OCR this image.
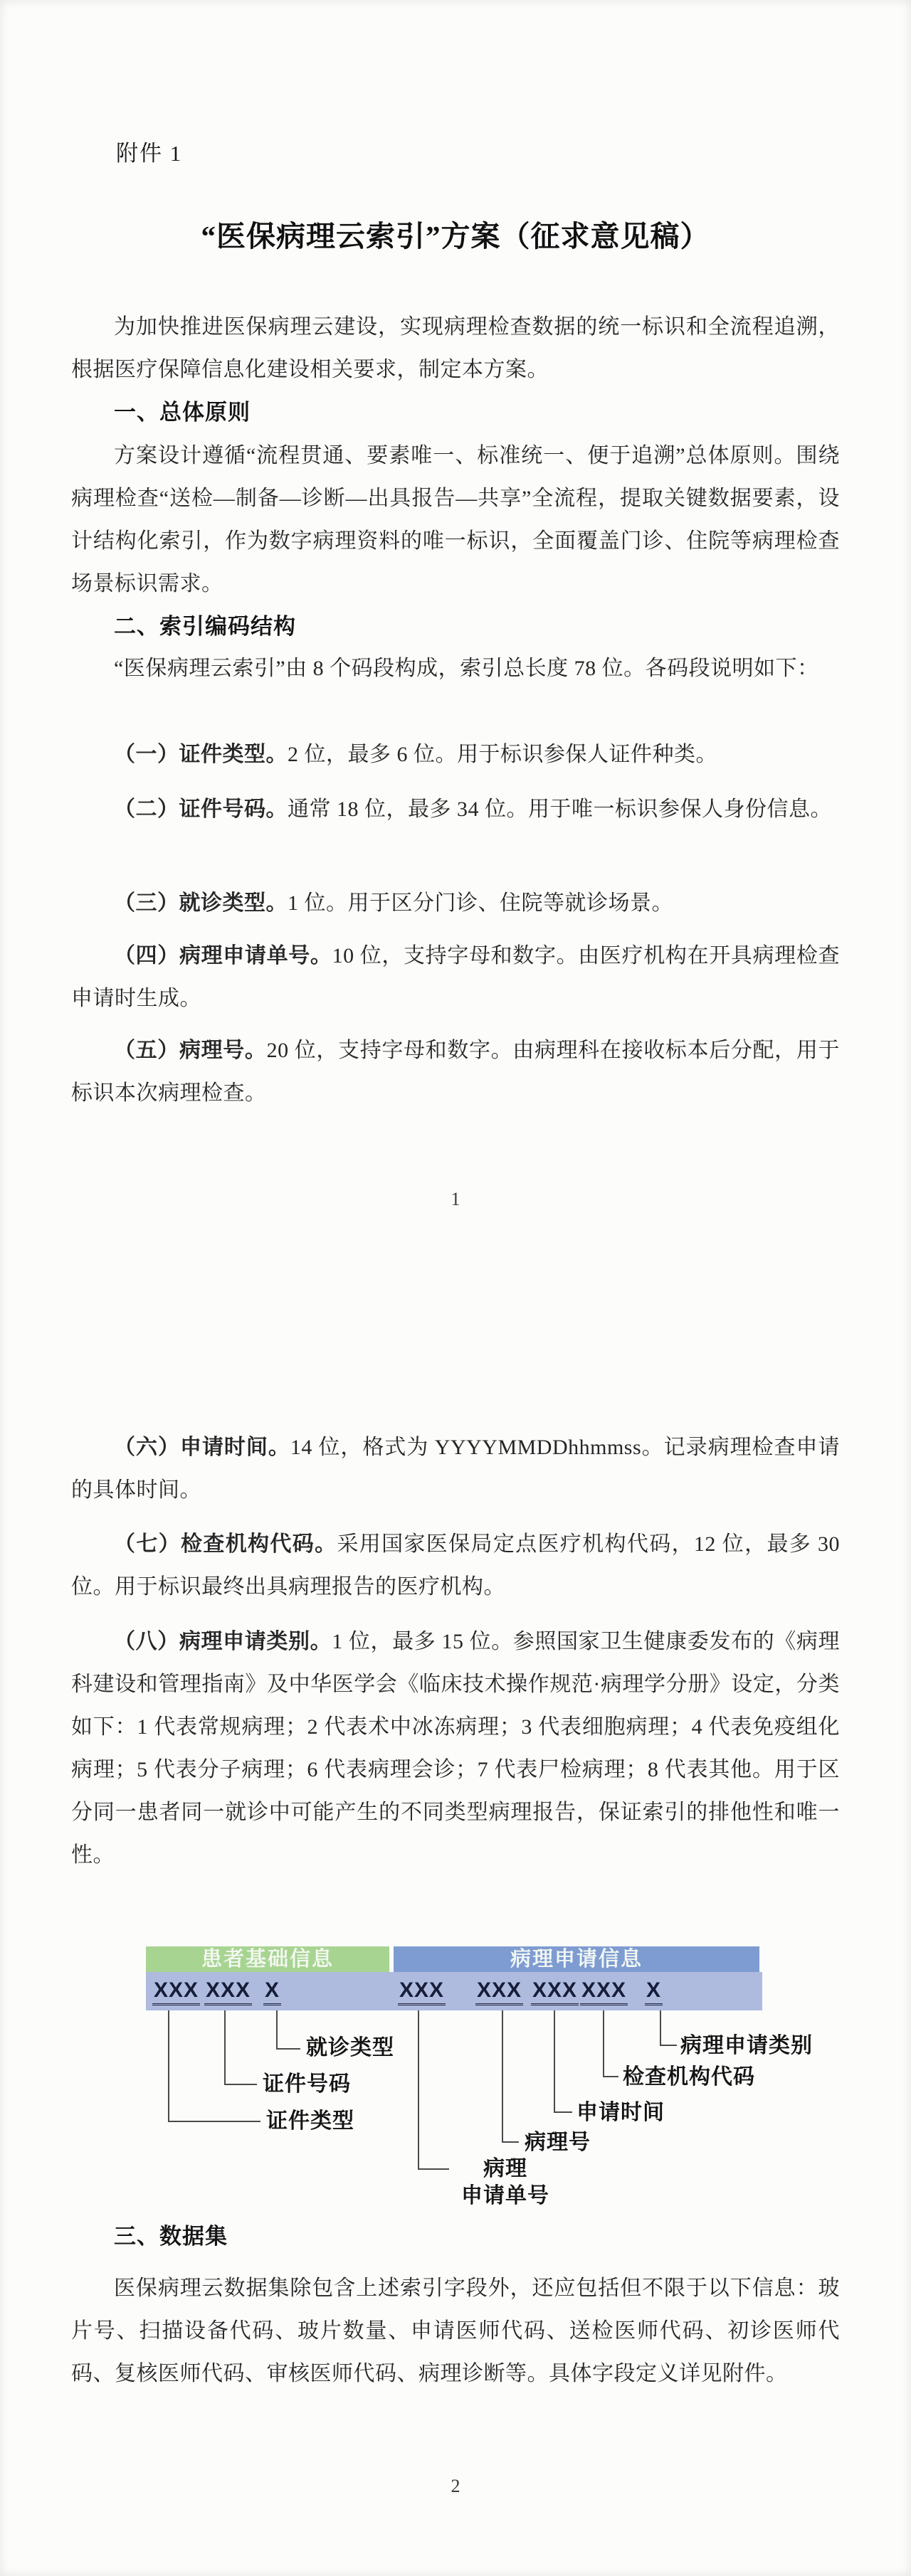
附件 1
“医保病理云索引”方案（征求意见稿）
为加快推进医保病理云建设，实现病理检查数据的统一标识和全流程追溯，根据医疗保障信息化建设相关要求，制定本方案。
一、总体原则
方案设计遵循“流程贯通、要素唯一、标准统一、便于追溯”总体原则。围绕病理检查“送检—制备—诊断—出具报告—共享”全流程，提取关键数据要素，设计结构化索引，作为数字病理资料的唯一标识，全面覆盖门诊、住院等病理检查场景标识需求。
二、索引编码结构
“医保病理云索引”由 8 个码段构成，索引总长度 78 位。各码段说明如下：
（一）证件类型。2 位，最多 6 位。用于标识参保人证件种类。
（二）证件号码。通常 18 位，最多 34 位。用于唯一标识参保人身份信息。
（三）就诊类型。1 位。用于区分门诊、住院等就诊场景。
（四）病理申请单号。10 位，支持字母和数字。由医疗机构在开具病理检查申请时生成。
（五）病理号。20 位，支持字母和数字。由病理科在接收标本后分配，用于标识本次病理检查。
1
（六）申请时间。14 位，格式为 YYYYMMDDhhmmss。记录病理检查申请的具体时间。
（七）检查机构代码。采用国家医保局定点医疗机构代码，12 位，最多 30 位。用于标识最终出具病理报告的医疗机构。
（八）病理申请类别。1 位，最多 15 位。参照国家卫生健康委发布的《病理科建设和管理指南》及中华医学会《临床技术操作规范·病理学分册》设定，分类如下：1 代表常规病理；2 代表术中冰冻病理；3 代表细胞病理；4 代表免疫组化病理；5 代表分子病理；6 代表病理会诊；7 代表尸检病理；8 代表其他。用于区分同一患者同一就诊中可能产生的不同类型病理报告，保证索引的排他性和唯一性。
患者基础信息	病理申请信息
XXX XXX X	XXX XXX XXX XXX X
就诊类型
证件号码
证件类型
病理
申请单号
病理号
申请时间
检查机构代码
病理申请类别
三、数据集
医保病理云数据集除包含上述索引字段外，还应包括但不限于以下信息：玻片号、扫描设备代码、玻片数量、申请医师代码、送检医师代码、初诊医师代码、复核医师代码、审核医师代码、病理诊断等。具体字段定义详见附件。
2
